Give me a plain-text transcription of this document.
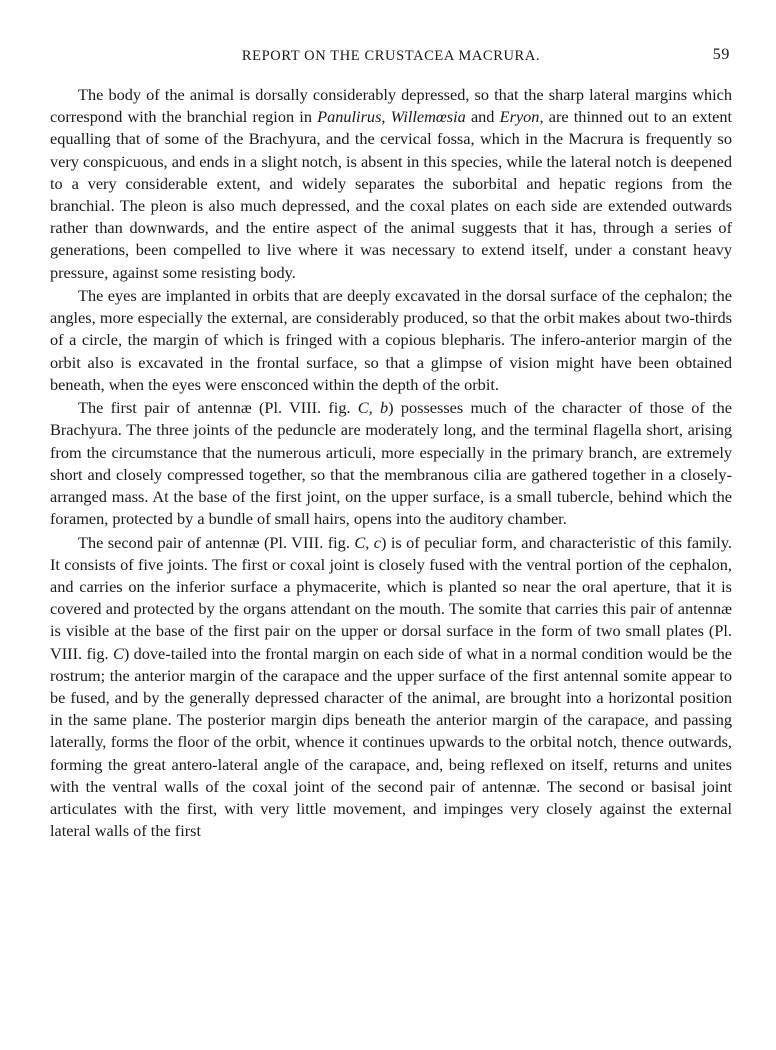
REPORT ON THE CRUSTACEA MACRURA.	59

The body of the animal is dorsally considerably depressed, so that the sharp lateral margins which correspond with the branchial region in Panulirus, Willemœsia and Eryon, are thinned out to an extent equalling that of some of the Brachyura, and the cervical fossa, which in the Macrura is frequently so very conspicuous, and ends in a slight notch, is absent in this species, while the lateral notch is deepened to a very considerable extent, and widely separates the suborbital and hepatic regions from the branchial. The pleon is also much depressed, and the coxal plates on each side are extended outwards rather than downwards, and the entire aspect of the animal suggests that it has, through a series of generations, been compelled to live where it was necessary to extend itself, under a constant heavy pressure, against some resisting body.

The eyes are implanted in orbits that are deeply excavated in the dorsal surface of the cephalon; the angles, more especially the external, are considerably produced, so that the orbit makes about two-thirds of a circle, the margin of which is fringed with a copious blepharis. The infero-anterior margin of the orbit also is excavated in the frontal surface, so that a glimpse of vision might have been obtained beneath, when the eyes were ensconced within the depth of the orbit.

The first pair of antennæ (Pl. VIII. fig. C, b) possesses much of the character of those of the Brachyura. The three joints of the peduncle are moderately long, and the terminal flagella short, arising from the circumstance that the numerous articuli, more especially in the primary branch, are extremely short and closely compressed together, so that the membranous cilia are gathered together in a closely-arranged mass. At the base of the first joint, on the upper surface, is a small tubercle, behind which the foramen, protected by a bundle of small hairs, opens into the auditory chamber.

The second pair of antennæ (Pl. VIII. fig. C, c) is of peculiar form, and characteristic of this family. It consists of five joints. The first or coxal joint is closely fused with the ventral portion of the cephalon, and carries on the inferior surface a phymacerite, which is planted so near the oral aperture, that it is covered and protected by the organs attendant on the mouth. The somite that carries this pair of antennæ is visible at the base of the first pair on the upper or dorsal surface in the form of two small plates (Pl. VIII. fig. C) dove-tailed into the frontal margin on each side of what in a normal condition would be the rostrum; the anterior margin of the carapace and the upper surface of the first antennal somite appear to be fused, and by the generally depressed character of the animal, are brought into a horizontal position in the same plane. The posterior margin dips beneath the anterior margin of the carapace, and passing laterally, forms the floor of the orbit, whence it continues upwards to the orbital notch, thence outwards, forming the great antero-lateral angle of the carapace, and, being reflexed on itself, returns and unites with the ventral walls of the coxal joint of the second pair of antennæ. The second or basisal joint articulates with the first, with very little movement, and impinges very closely against the external lateral walls of the first
